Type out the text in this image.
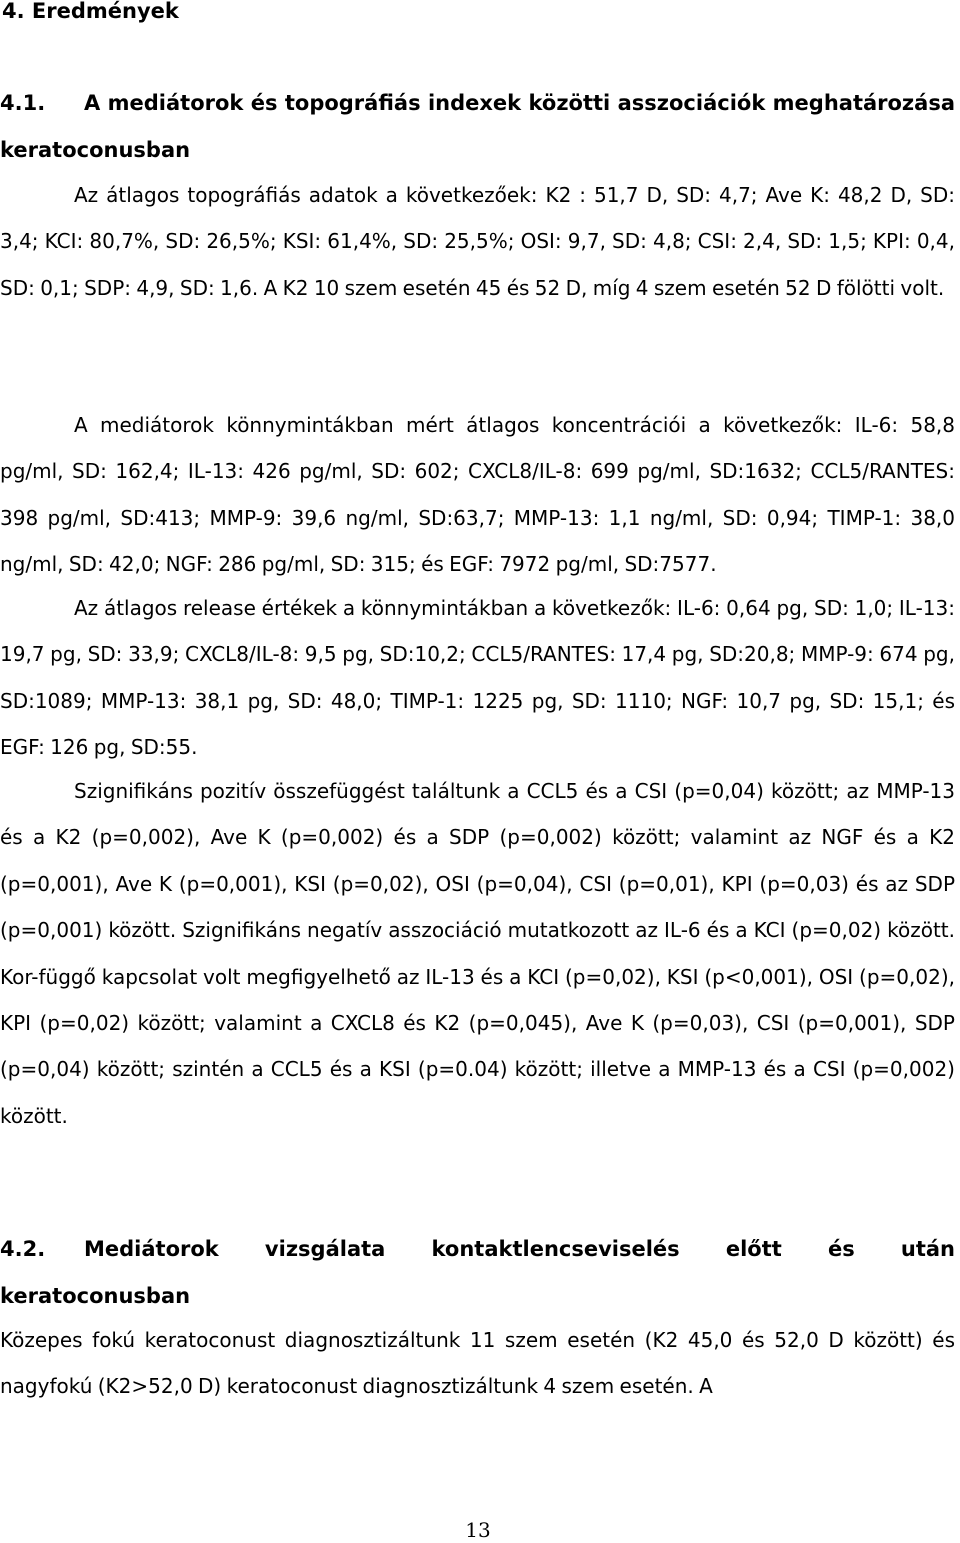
4. Eredmények
4.1. A mediátorok és topográfiás indexek közötti asszociációk meghatározása keratoconusban

Az átlagos topográfiás adatok a következőek: K2 : 51,7 D, SD: 4,7; Ave K: 48,2 D, SD: 3,4; KCI: 80,7%, SD: 26,5%; KSI: 61,4%, SD: 25,5%; OSI: 9,7, SD: 4,8; CSI: 2,4, SD: 1,5; KPI: 0,4, SD: 0,1; SDP: 4,9, SD: 1,6. A K2 10 szem esetén 45 és 52 D, míg 4 szem esetén 52 D fölötti volt.

A mediátorok könnymintákban mért átlagos koncentrációi a következők: IL-6: 58,8 pg/ml, SD: 162,4; IL-13: 426 pg/ml, SD: 602; CXCL8/IL-8: 699 pg/ml, SD:1632; CCL5/RANTES: 398 pg/ml, SD:413; MMP-9: 39,6 ng/ml, SD:63,7; MMP-13: 1,1 ng/ml, SD: 0,94; TIMP-1: 38,0 ng/ml, SD: 42,0; NGF: 286 pg/ml, SD: 315; és EGF: 7972 pg/ml, SD:7577.

Az átlagos release értékek a könnymintákban a következők: IL-6: 0,64 pg, SD: 1,0; IL-13: 19,7 pg, SD: 33,9; CXCL8/IL-8: 9,5 pg, SD:10,2; CCL5/RANTES: 17,4 pg, SD:20,8; MMP-9: 674 pg, SD:1089; MMP-13: 38,1 pg, SD: 48,0; TIMP-1: 1225 pg, SD: 1110; NGF: 10,7 pg, SD: 15,1; és EGF: 126 pg, SD:55.

Szignifikáns pozitív összefüggést találtunk a CCL5 és a CSI (p=0,04) között; az MMP-13 és a K2 (p=0,002), Ave K (p=0,002) és a SDP (p=0,002) között; valamint az NGF és a K2 (p=0,001), Ave K (p=0,001), KSI (p=0,02), OSI (p=0,04), CSI (p=0,01), KPI (p=0,03) és az SDP (p=0,001) között. Szignifikáns negatív asszociáció mutatkozott az IL-6 és a KCI (p=0,02) között. Kor-függő kapcsolat volt megfigyelhető az IL-13 és a KCI (p=0,02), KSI (p<0,001), OSI (p=0,02), KPI (p=0,02) között; valamint a CXCL8 és K2 (p=0,045), Ave K (p=0,03), CSI (p=0,001), SDP (p=0,04) között; szintén a CCL5 és a KSI (p=0.04) között; illetve a MMP-13 és a CSI (p=0,002) között.

4.2. Mediátorok vizsgálata kontaktlencseviselés előtt és után keratoconusban

Közepes fokú keratoconust diagnosztizáltunk 11 szem esetén (K2 45,0 és 52,0 D között) és nagyfokú (K2>52,0 D) keratoconust diagnosztizáltunk 4 szem esetén. A

13
